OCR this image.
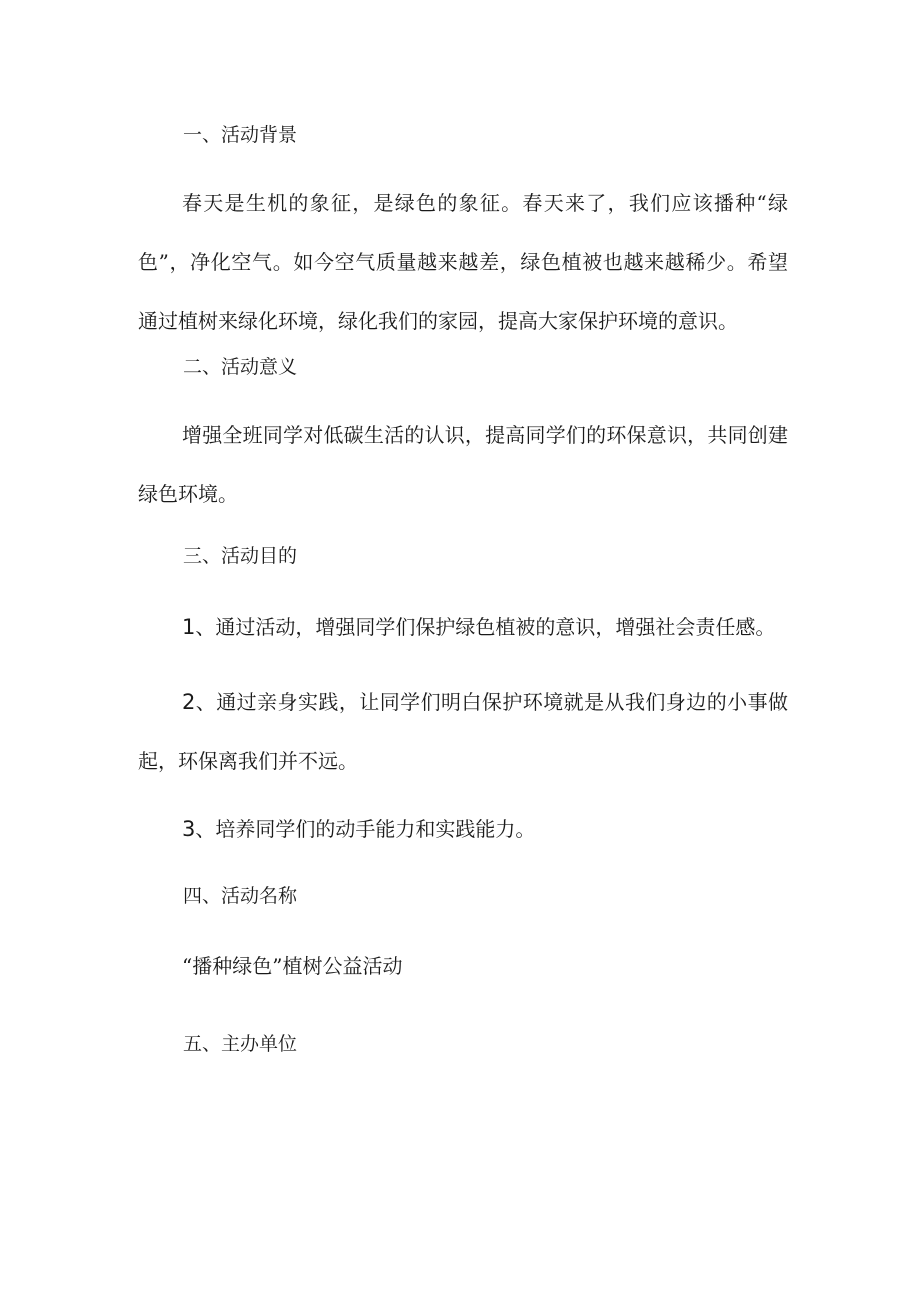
一、活动背景

春天是生机的象征，是绿色的象征。春天来了，我们应该播种“绿色”，净化空气。如今空气质量越来越差，绿色植被也越来越稀少。希望通过植树来绿化环境，绿化我们的家园，提高大家保护环境的意识。

二、活动意义

增强全班同学对低碳生活的认识，提高同学们的环保意识，共同创建绿色环境。

三、活动目的

1、通过活动，增强同学们保护绿色植被的意识，增强社会责任感。

2、通过亲身实践，让同学们明白保护环境就是从我们身边的小事做起，环保离我们并不远。

3、培养同学们的动手能力和实践能力。

四、活动名称

“播种绿色”植树公益活动

五、主办单位
